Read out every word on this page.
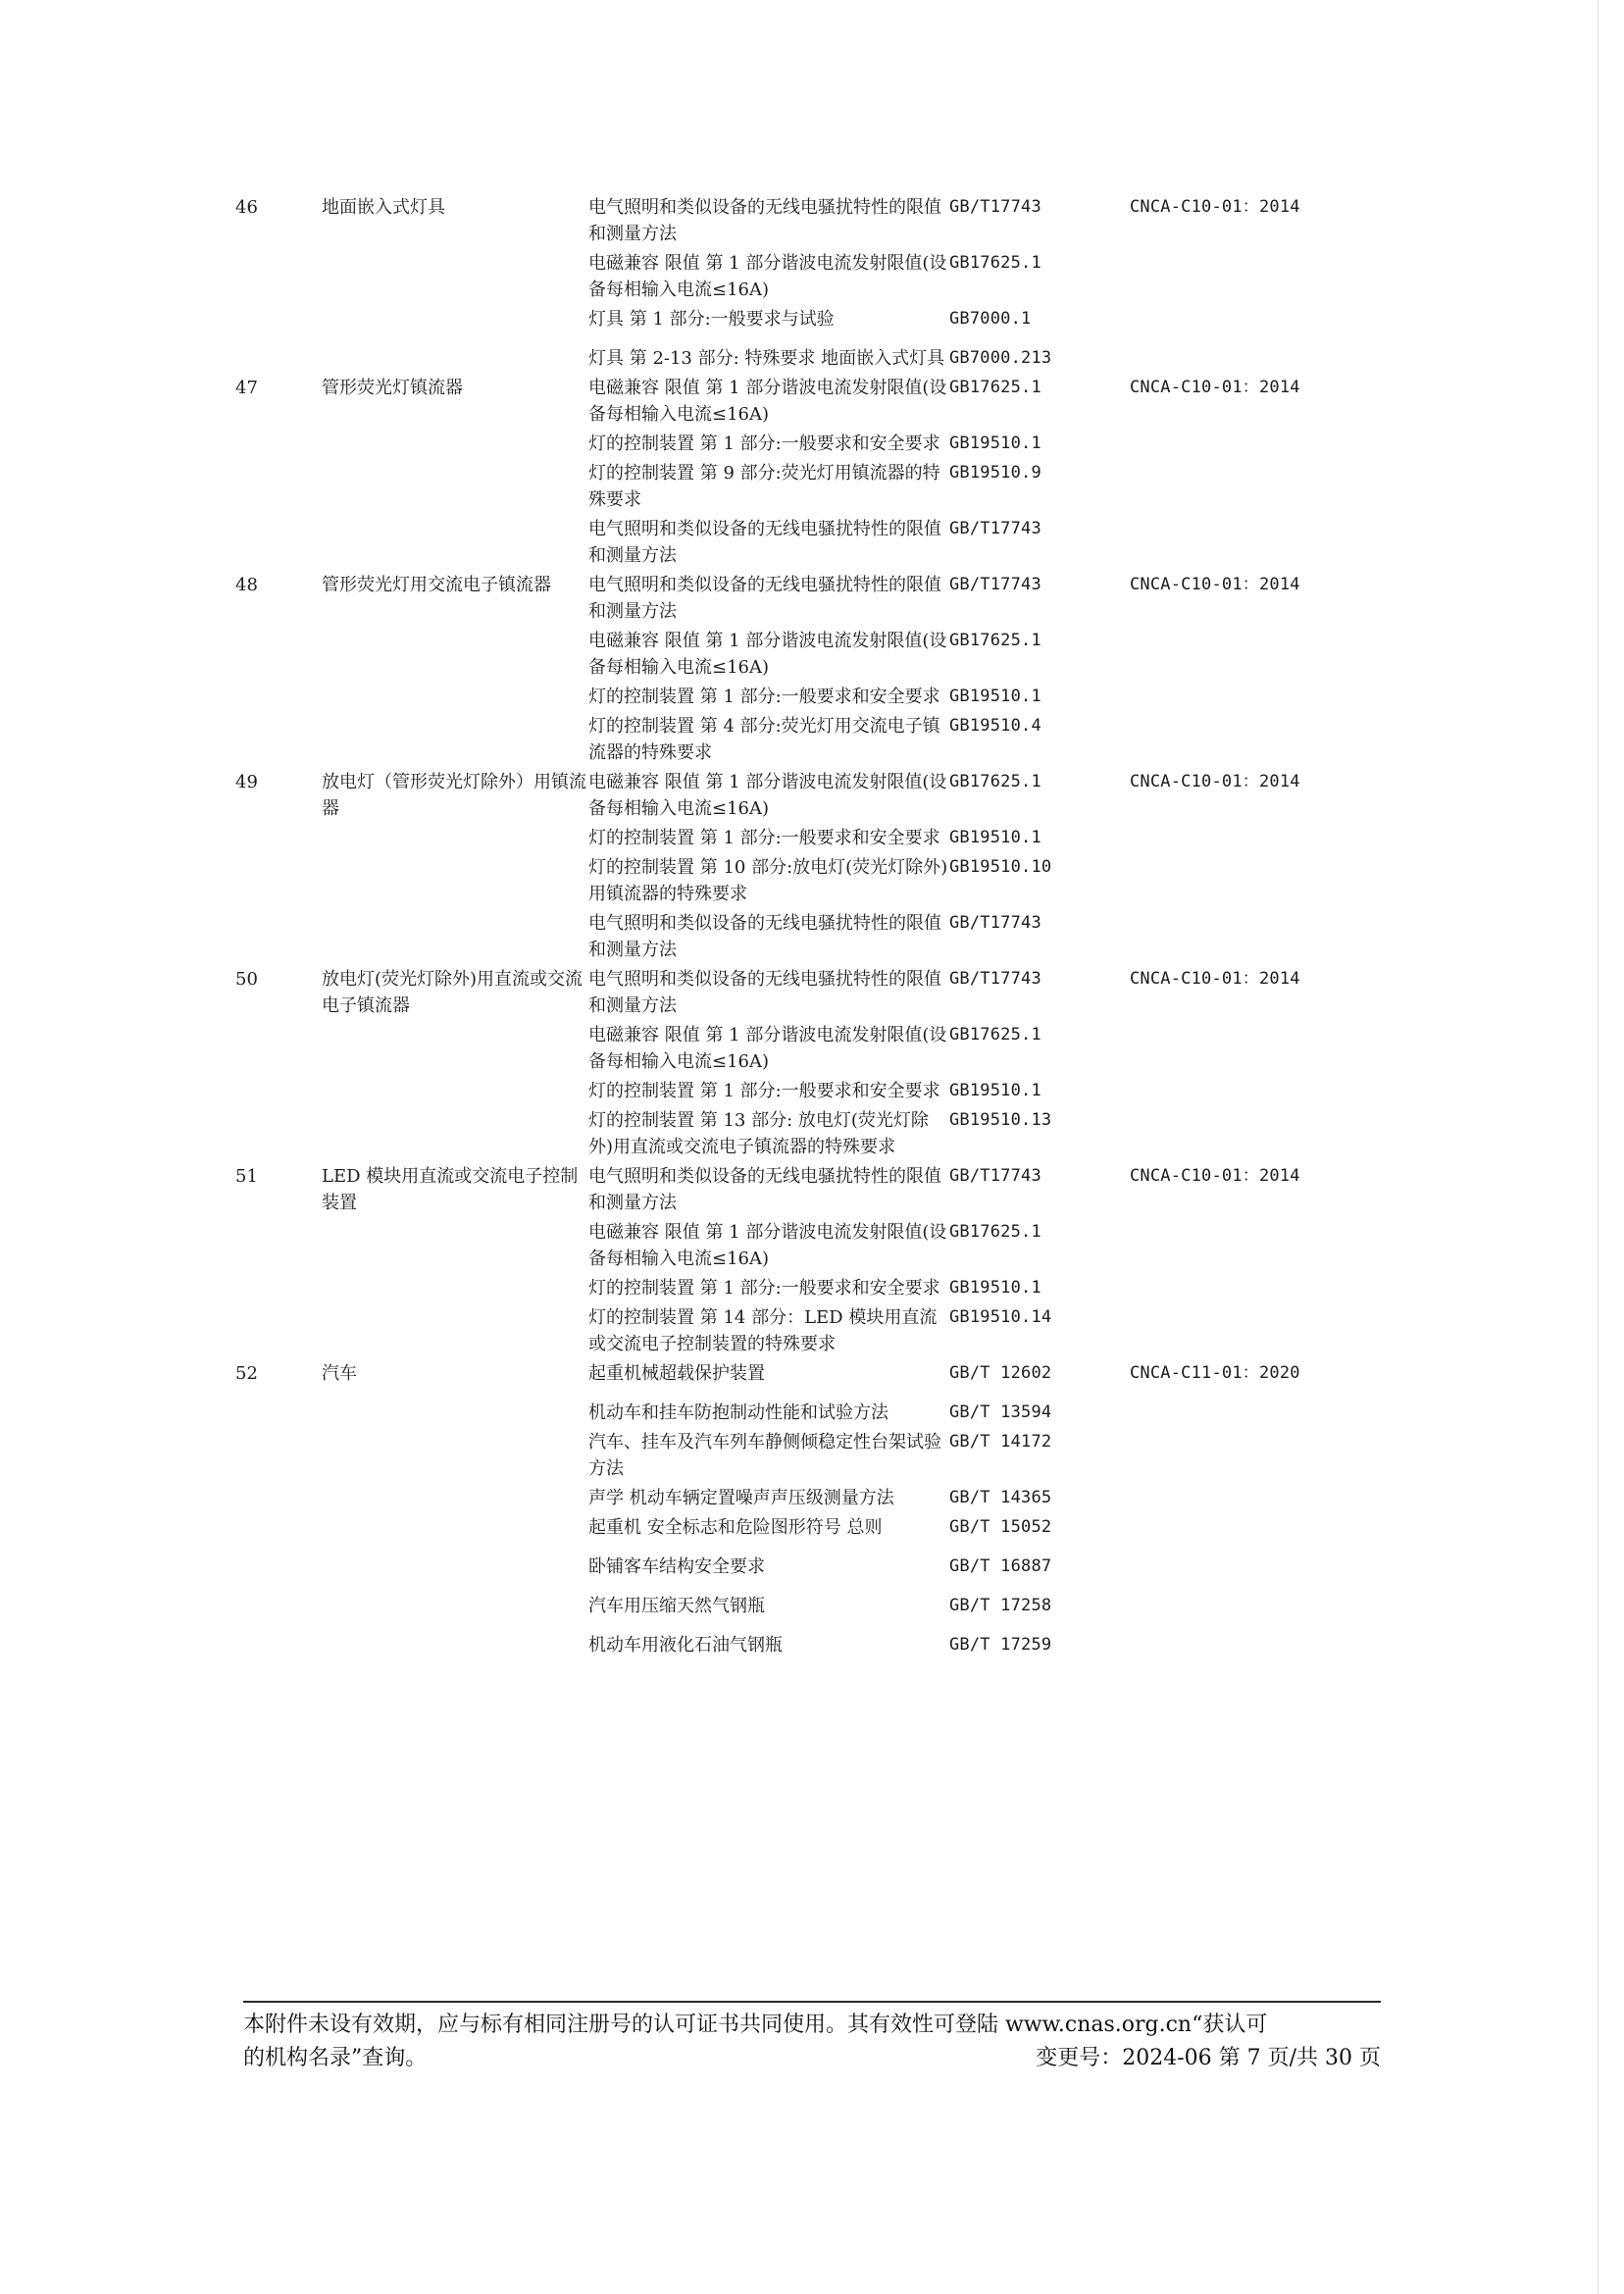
46	地面嵌入式灯具	电气照明和类似设备的无线电骚扰特性的限值和测量方法	GB/T17743	CNCA-C10-01：2014
		电磁兼容 限值 第 1 部分谐波电流发射限值(设备每相输入电流≤16A)	GB17625.1	
		灯具 第 1 部分:一般要求与试验	GB7000.1	
		灯具 第 2-13 部分: 特殊要求 地面嵌入式灯具	GB7000.213	
47	管形荧光灯镇流器	电磁兼容 限值 第 1 部分谐波电流发射限值(设备每相输入电流≤16A)	GB17625.1	CNCA-C10-01：2014
		灯的控制装置 第 1 部分:一般要求和安全要求	GB19510.1	
		灯的控制装置 第 9 部分:荧光灯用镇流器的特殊要求	GB19510.9	
		电气照明和类似设备的无线电骚扰特性的限值和测量方法	GB/T17743	
48	管形荧光灯用交流电子镇流器	电气照明和类似设备的无线电骚扰特性的限值和测量方法	GB/T17743	CNCA-C10-01：2014
		电磁兼容 限值 第 1 部分谐波电流发射限值(设备每相输入电流≤16A)	GB17625.1	
		灯的控制装置 第 1 部分:一般要求和安全要求	GB19510.1	
		灯的控制装置 第 4 部分:荧光灯用交流电子镇流器的特殊要求	GB19510.4	
49	放电灯（管形荧光灯除外）用镇流器	电磁兼容 限值 第 1 部分谐波电流发射限值(设备每相输入电流≤16A)	GB17625.1	CNCA-C10-01：2014
		灯的控制装置 第 1 部分:一般要求和安全要求	GB19510.1	
		灯的控制装置 第 10 部分:放电灯(荧光灯除外)用镇流器的特殊要求	GB19510.10	
		电气照明和类似设备的无线电骚扰特性的限值和测量方法	GB/T17743	
50	放电灯(荧光灯除外)用直流或交流电子镇流器	电气照明和类似设备的无线电骚扰特性的限值和测量方法	GB/T17743	CNCA-C10-01：2014
		电磁兼容 限值 第 1 部分谐波电流发射限值(设备每相输入电流≤16A)	GB17625.1	
		灯的控制装置 第 1 部分:一般要求和安全要求	GB19510.1	
		灯的控制装置 第 13 部分: 放电灯(荧光灯除外)用直流或交流电子镇流器的特殊要求	GB19510.13	
51	LED 模块用直流或交流电子控制装置	电气照明和类似设备的无线电骚扰特性的限值和测量方法	GB/T17743	CNCA-C10-01：2014
		电磁兼容 限值 第 1 部分谐波电流发射限值(设备每相输入电流≤16A)	GB17625.1	
		灯的控制装置 第 1 部分:一般要求和安全要求	GB19510.1	
		灯的控制装置 第 14 部分：LED 模块用直流或交流电子控制装置的特殊要求	GB19510.14	
52	汽车	起重机械超载保护装置	GB/T 12602	CNCA-C11-01：2020
		机动车和挂车防抱制动性能和试验方法	GB/T 13594	
		汽车、挂车及汽车列车静侧倾稳定性台架试验方法	GB/T 14172	
		声学 机动车辆定置噪声声压级测量方法	GB/T 14365	
		起重机 安全标志和危险图形符号 总则	GB/T 15052	
		卧铺客车结构安全要求	GB/T 16887	
		汽车用压缩天然气钢瓶	GB/T 17258	
		机动车用液化石油气钢瓶	GB/T 17259	
本附件未设有效期，应与标有相同注册号的认可证书共同使用。其有效性可登陆 www.cnas.org.cn“获认可
的机构名录”查询。	变更号：2024-06 第 7 页/共 30 页
